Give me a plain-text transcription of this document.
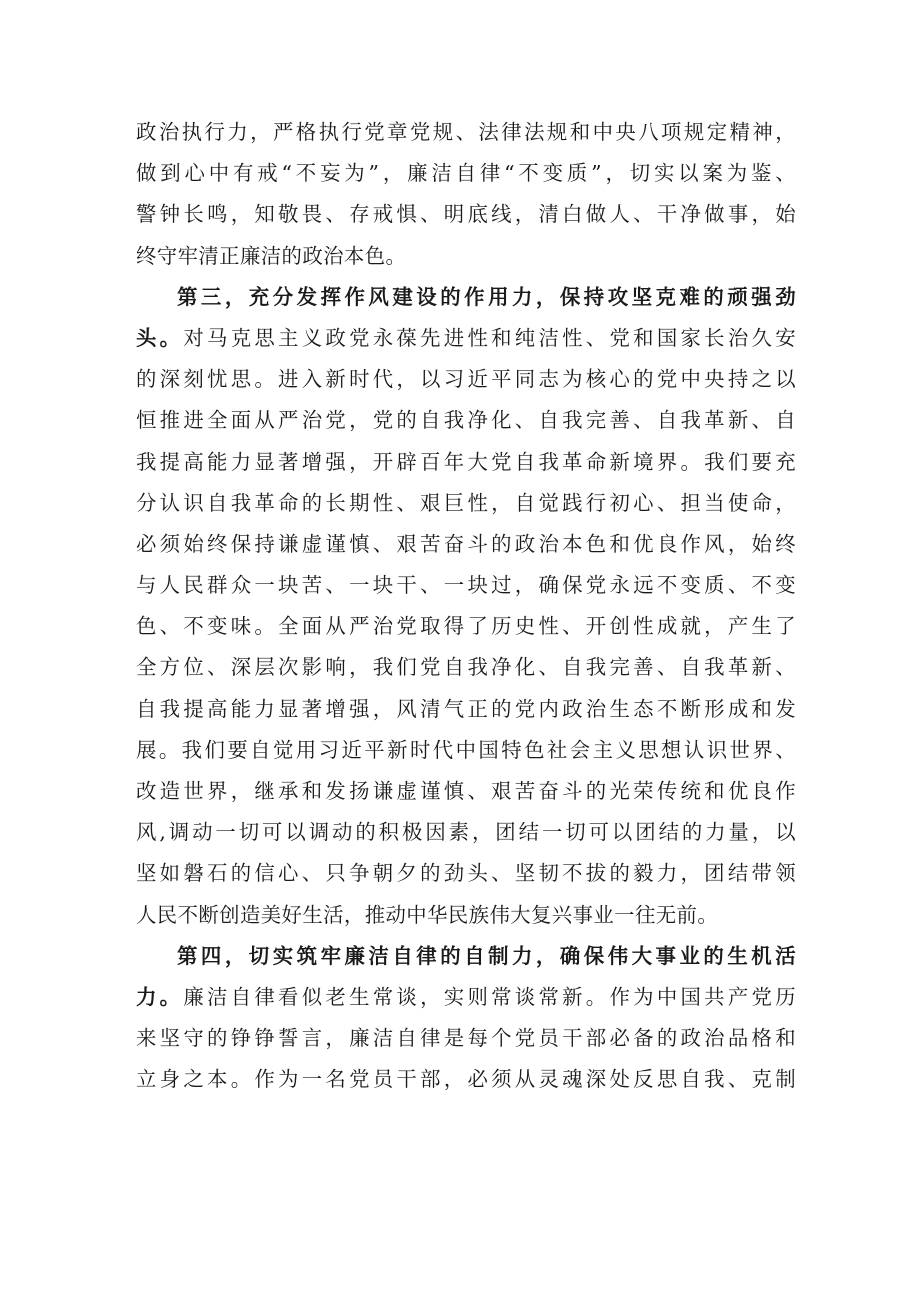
政治执行力，严格执行党章党规、法律法规和中央八项规定精神，
做到心中有戒“不妄为”，廉洁自律“不变质”，切实以案为鉴、
警钟长鸣，知敬畏、存戒惧、明底线，清白做人、干净做事，始
终守牢清正廉洁的政治本色。
第三，充分发挥作风建设的作用力，保持攻坚克难的顽强劲
头。对马克思主义政党永葆先进性和纯洁性、党和国家长治久安
的深刻忧思。进入新时代，以习近平同志为核心的党中央持之以
恒推进全面从严治党，党的自我净化、自我完善、自我革新、自
我提高能力显著增强，开辟百年大党自我革命新境界。我们要充
分认识自我革命的长期性、艰巨性，自觉践行初心、担当使命，
必须始终保持谦虚谨慎、艰苦奋斗的政治本色和优良作风，始终
与人民群众一块苦、一块干、一块过，确保党永远不变质、不变
色、不变味。全面从严治党取得了历史性、开创性成就，产生了
全方位、深层次影响，我们党自我净化、自我完善、自我革新、
自我提高能力显著增强，风清气正的党内政治生态不断形成和发
展。我们要自觉用习近平新时代中国特色社会主义思想认识世界、
改造世界，继承和发扬谦虚谨慎、艰苦奋斗的光荣传统和优良作
风,调动一切可以调动的积极因素，团结一切可以团结的力量，以
坚如磐石的信心、只争朝夕的劲头、坚韧不拔的毅力，团结带领
人民不断创造美好生活，推动中华民族伟大复兴事业一往无前。
第四，切实筑牢廉洁自律的自制力，确保伟大事业的生机活
力。廉洁自律看似老生常谈，实则常谈常新。作为中国共产党历
来坚守的铮铮誓言，廉洁自律是每个党员干部必备的政治品格和
立身之本。作为一名党员干部，必须从灵魂深处反思自我、克制
